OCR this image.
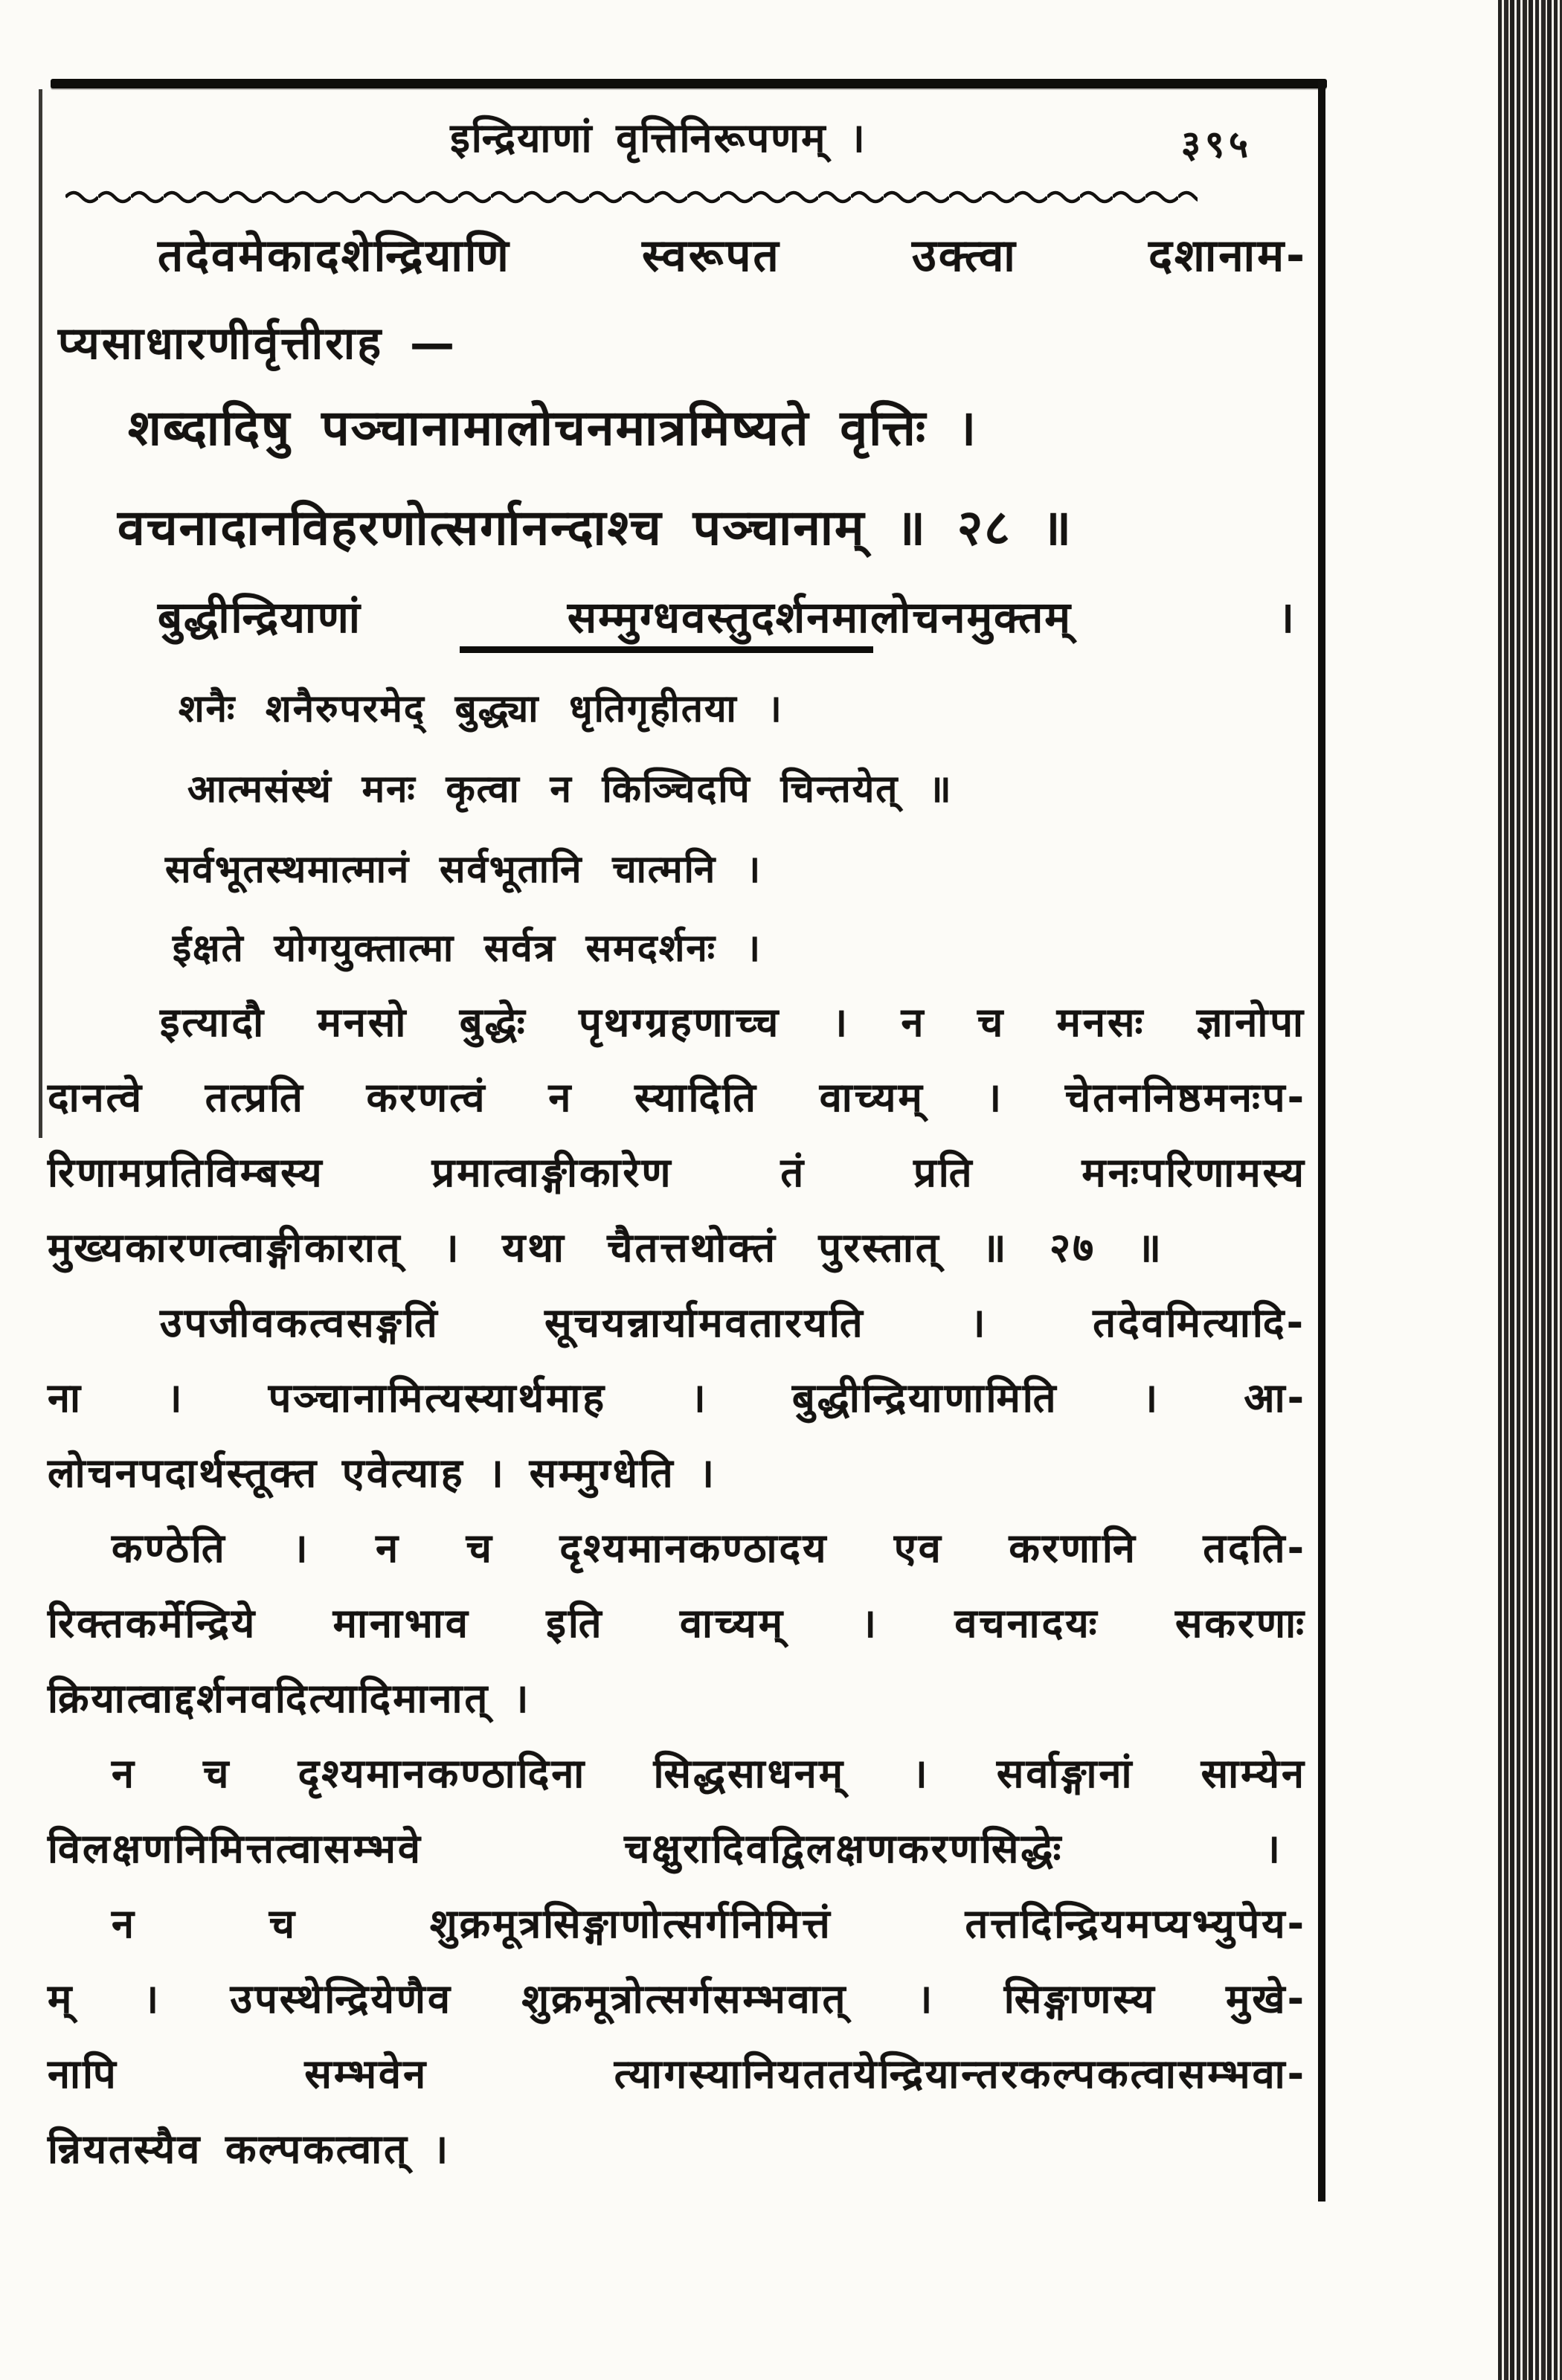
इन्द्रियाणां वृत्तिनिरूपणम् ।	३९५
तदेवमेकादशेन्द्रियाणि स्वरूपत उक्त्वा दशानाम-
प्यसाधारणीर्वृत्तीराह —
शब्दादिषु पञ्चानामालोचनमात्रमिष्यते वृत्तिः ।
वचनादानविहरणोत्सर्गानन्दाश्च पञ्चानाम् ॥ २८ ॥
बुद्धीन्द्रियाणां सम्मुग्धवस्तुदर्शनमालोचनमुक्तम् ।
शनैः शनैरुपरमेद् बुद्ध्या धृतिगृहीतया ।
आत्मसंस्थं मनः कृत्वा न किञ्चिदपि चिन्तयेत् ॥
सर्वभूतस्थमात्मानं सर्वभूतानि चात्मनि ।
ईक्षते योगयुक्तात्मा सर्वत्र समदर्शनः ।
इत्यादौ मनसो बुद्धेः पृथग्ग्रहणाच्च । न च मनसः ज्ञानोपा
दानत्वे तत्प्रति करणत्वं न स्यादिति वाच्यम् । चेतननिष्ठमनःप-
रिणामप्रतिविम्बस्य प्रमात्वाङ्गीकारेण तं प्रति मनःपरिणामस्य
मुख्यकारणत्वाङ्गीकारात् । यथा चैतत्तथोक्तं पुरस्तात् ॥ २७ ॥
उपजीवकत्वसङ्गतिं सूचयन्नार्यामवतारयति । तदेवमित्यादि-
ना । पञ्चानामित्यस्यार्थमाह । बुद्धीन्द्रियाणामिति । आ-
लोचनपदार्थस्तूक्त एवेत्याह । सम्मुग्धेति ।
कण्ठेति । न च दृश्यमानकण्ठादय एव करणानि तदति-
रिक्तकर्मेन्द्रिये मानाभाव इति वाच्यम् । वचनादयः सकरणाः
क्रियात्वाद्दर्शनवदित्यादिमानात् ।
न च दृश्यमानकण्ठादिना सिद्धसाधनम् । सर्वाङ्गानां साम्येन
विलक्षणनिमित्तत्वासम्भवे चक्षुरादिवद्विलक्षणकरणसिद्धेः ।
न च शुक्रमूत्रसिङ्गाणोत्सर्गनिमित्तं तत्तदिन्द्रियमप्यभ्युपेय-
म् । उपस्थेन्द्रियेणैव शुक्रमूत्रोत्सर्गसम्भवात् । सिङ्गाणस्य मुखे-
नापि सम्भवेन त्यागस्यानियततयेन्द्रियान्तरकल्पकत्वासम्भवा-
न्नियतस्यैव कल्पकत्वात् ।
